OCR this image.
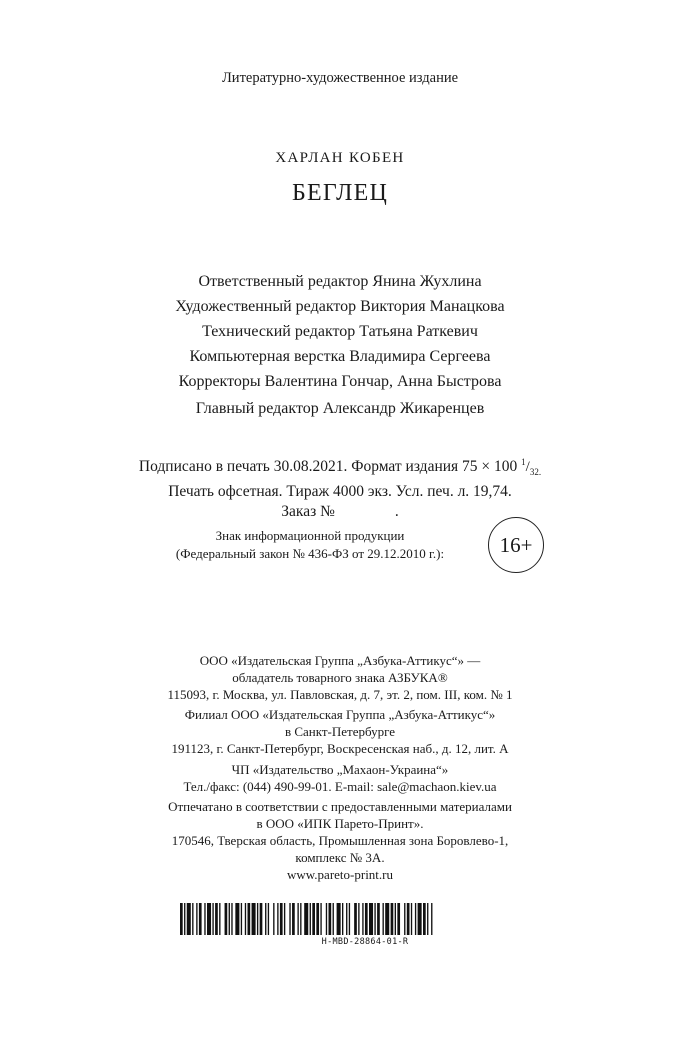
Литературно-художественное издание
ХАРЛАН КОБЕН
БЕГЛЕЦ
Ответственный редактор Янина Жухлина
Художественный редактор Виктория Манацкова
Технический редактор Татьяна Раткевич
Компьютерная верстка Владимира Сергеева
Корректоры Валентина Гончар, Анна Быстрова
Главный редактор Александр Жикаренцев
Подписано в печать 30.08.2021. Формат издания 75 × 100 $^1/_{32.}$
Печать офсетная. Тираж 4000 экз. Усл. печ. л. 19,74.
Заказ №	.
Знак информационной продукции
(Федеральный закон № 436-ФЗ от 29.12.2010 г.):	16+
ООО «Издательская Группа „Азбука-Аттикус“» —
обладатель товарного знака АЗБУКА®
115093, г. Москва, ул. Павловская, д. 7, эт. 2, пом. III, ком. № 1
Филиал ООО «Издательская Группа „Азбука-Аттикус“»
в Санкт-Петербурге
191123, г. Санкт-Петербург, Воскресенская наб., д. 12, лит. А
ЧП «Издательство „Махаон-Украина“»
Тел./факс: (044) 490-99-01. E-mail: sale@machaon.kiev.ua
Отпечатано в соответствии с предоставленными материалами
в ООО «ИПК Парето-Принт».
170546, Тверская область, Промышленная зона Боровлево-1,
комплекс № 3А.
www.pareto-print.ru
H-MBD-28864-01-R
